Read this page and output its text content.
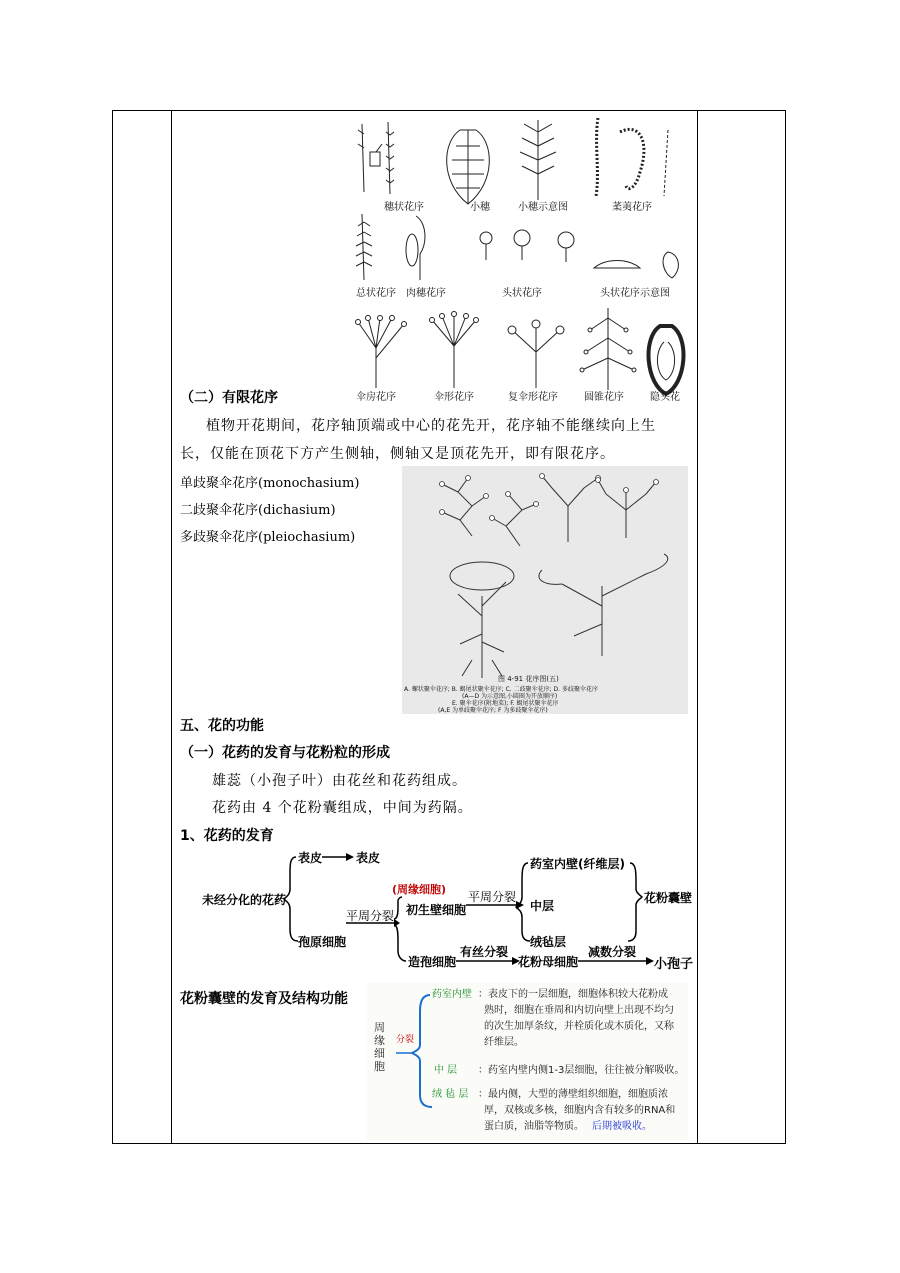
穗状花序	小穗	小穗示意图	葇荑花序
总状花序 肉穗花序	头状花序	头状花序示意图
伞房花序	伞形花序	复伞形花序	圆锥花序	隐头花
（二）有限花序
植物开花期间，花序轴顶端或中心的花先开，花序轴不能继续向上生
长，仅能在顶花下方产生侧轴，侧轴又是顶花先开，即有限花序。
单歧聚伞花序(monochasium)
二歧聚伞花序(dichasium)
多歧聚伞花序(pleiochasium)
图 4-91 花序图(五)
A. 螺状聚伞花序; B. 蝎尾状聚伞花序; C. 二歧聚伞花序; D. 多歧聚伞花序
(A—D 为示意图,小圆圈为开放顺序)
E. 聚伞花序(附地菜); F. 蝎尾状聚伞花序
(A,E 为单歧聚伞花序; F 为多歧聚伞花序)
五、花的功能
（一）花药的发育与花粉粒的形成
雄蕊（小孢子叶）由花丝和花药组成。
花药由 4 个花粉囊组成，中间为药隔。
1、花药的发育
表皮	表皮
未经分化的花药
(周缘细胞)
平周分裂
初生壁细胞
药室内壁(纤维层)
中层
绒毡层
花粉囊壁
孢原细胞
平周分裂
造孢细胞
有丝分裂
花粉母细胞
减数分裂
小孢子
花粉囊壁的发育及结构功能
周缘细胞
分裂
药室内壁 ：表皮下的一层细胞，细胞体积较大花粉成
熟时，细胞在垂周和内切向壁上出现不均匀
的次生加厚条纹，并栓质化或木质化，又称
纤维层。
中 层 ：药室内壁内侧1-3层细胞，往往被分解吸收。
绒 毡 层 ：最内侧，大型的薄壁组织细胞，细胞质浓
厚，双核或多核，细胞内含有较多的RNA和
蛋白质，油脂等物质。 后期被吸收。
